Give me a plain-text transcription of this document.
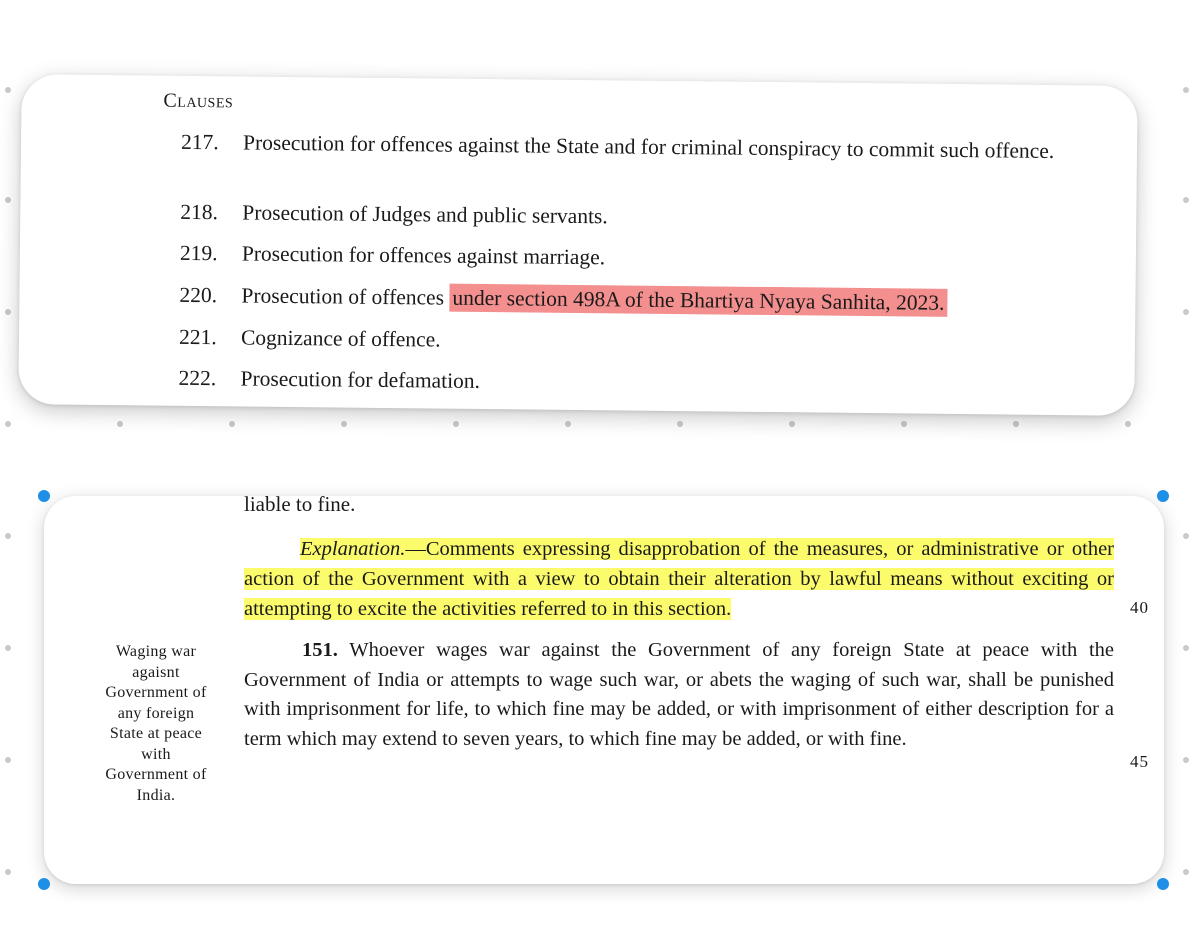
Clauses
217.	Prosecution for offences against the State and for criminal conspiracy to commit such offence.
218.	Prosecution of Judges and public servants.
219.	Prosecution for offences against marriage.
220.	Prosecution of offences under section 498A of the Bhartiya Nyaya Sanhita, 2023.
221.	Cognizance of offence.
222.	Prosecution for defamation.
liable to fine.
Explanation.—Comments expressing disapprobation of the measures, or administrative or other action of the Government with a view to obtain their alteration by lawful means without exciting or attempting to excite the activities referred to in this section.	40
Waging war agaisnt Government of any foreign State at peace with Government of India.
151. Whoever wages war against the Government of any foreign State at peace with the Government of India or attempts to wage such war, or abets the waging of such war, shall be punished with imprisonment for life, to which fine may be added, or with imprisonment of either description for a term which may extend to seven years, to which fine may be added, or with fine.
45
